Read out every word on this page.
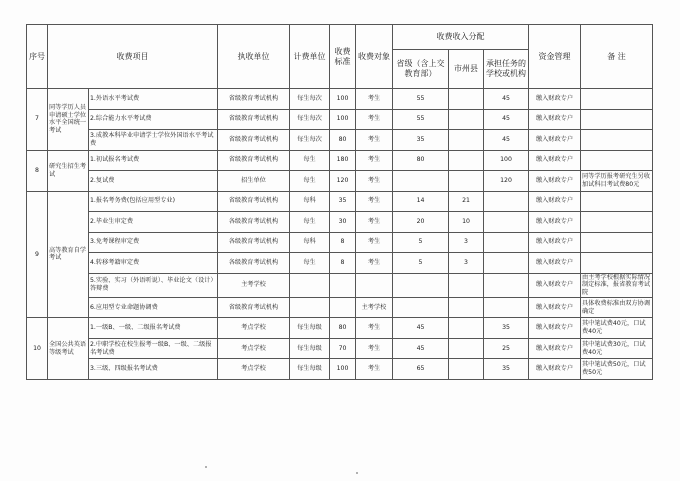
序号	收费项目		执收单位	计费单位	收费标准	收费对象	收费收入分配			资金管理	备 注
							省级（含上交教育部）	市州县	承担任务的学校或机构		
7	同等学历人员申请硕士学位水平全国统一考试	1.外语水平考试费	省级教育考试机构	每生每次	100	考生	55		45	缴入财政专户	
		2.综合能力水平考试费	省级教育考试机构	每生每次	100	考生	55		45	缴入财政专户	
		3.成教本科毕业申请学士学位外国语水平考试费	省级教育考试机构	每生每次	80	考生	35		45	缴入财政专户	
8	研究生招生考试	1.初试报名考试费	省级教育考试机构	每生	180	考生	80		100	缴入财政专户	
		2.复试费	招生单位	每生	120	考生			120	缴入财政专户	同等学历报考研究生另收加试科目考试费80元
9	高等教育自学考试	1.报名考务费(包括应用型专业)	省级教育考试机构	每科	35	考生	14	21		缴入财政专户	
		2.毕业生审定费	各级教育考试机构	每生	30	考生	20	10		缴入财政专户	
		3.免考课程审定费	各级教育考试机构	每科	8	考生	5	3		缴入财政专户	
		4.转移考籍审定费	各级教育考试机构	每生	8	考生	5	3		缴入财政专户	
		5.实验、实习（外语听说）、毕业论文（设计）答辩费	主考学校							缴入财政专户	由主考学校根据实际情况制定标准，报省教育考试院
		6.应用型专业命题协调费	省级教育考试机构			主考学校				缴入财政专户	具体收费标准由双方协调确定
10	全国公共英语等级考试	1.一级B、一级、二级报名考试费	考点学校	每生每级	80	考生	45		35	缴入财政专户	其中笔试费40元，口试费40元
		2.中职学校在校生报考一级B、一级、二级报名考试费	考点学校	每生每级	70	考生	45		25	缴入财政专户	其中笔试费30元，口试费40元
		3.三级、四级报名考试费	考点学校	每生每级	100	考生	65		35	缴入财政专户	其中笔试费50元，口试费50元
